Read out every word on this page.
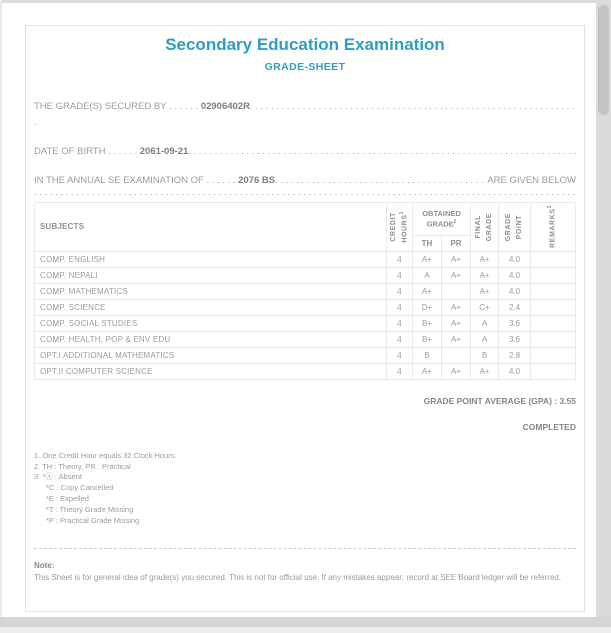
Secondary Education Examination
GRADE-SHEET
THE GRADE(S) SECURED BY . . .	02906402R
. . .
.
DATE OF BIRTH . . .	2061-09-21
. . .
IN THE ANNUAL SE EXAMINATION OF . . .	2076 BS . . .	ARE GIVEN BELOW
. . .
SUBJECTS	CREDIT HOURS$^1$	OBTAINED
GRADE$^2$		FINAL GRADE	GRADE POINT	REMARKS$^3$

		TH	PR			
COMP. ENGLISH	4	A+	A+	A+	4.0	
COMP. NEPALI	4	A	A+	A+	4.0	
COMP. MATHEMATICS	4	A+		A+	4.0	
COMP. SCIENCE	4	D+	A+	C+	2.4	
COMP. SOCIAL STUDIES	4	B+	A+	A	3.6	
COMP. HEALTH, POP & ENV EDU	4	B+	A+	A	3.6	
OPT.I ADDITIONAL MATHEMATICS	4	B		B	2.8	
OPT.II COMPUTER SCIENCE	4	A+	A+	A+	4.0	
GRADE POINT AVERAGE (GPA) : 3.55
COMPLETED
1. One Credit Hour equals 32 Clock Hours.
2. TH : Theory, PR : Practical
3. *Ⓐ : Absent
*C : Copy Cancelled
*E : Expelled
*T : Theory Grade Missing
*P : Practical Grade Missing
Note:
This Sheet is for general idea of grade(s) you secured. This is not for official use. If any mistakes appear; record at SEE Board ledger will be referred.
